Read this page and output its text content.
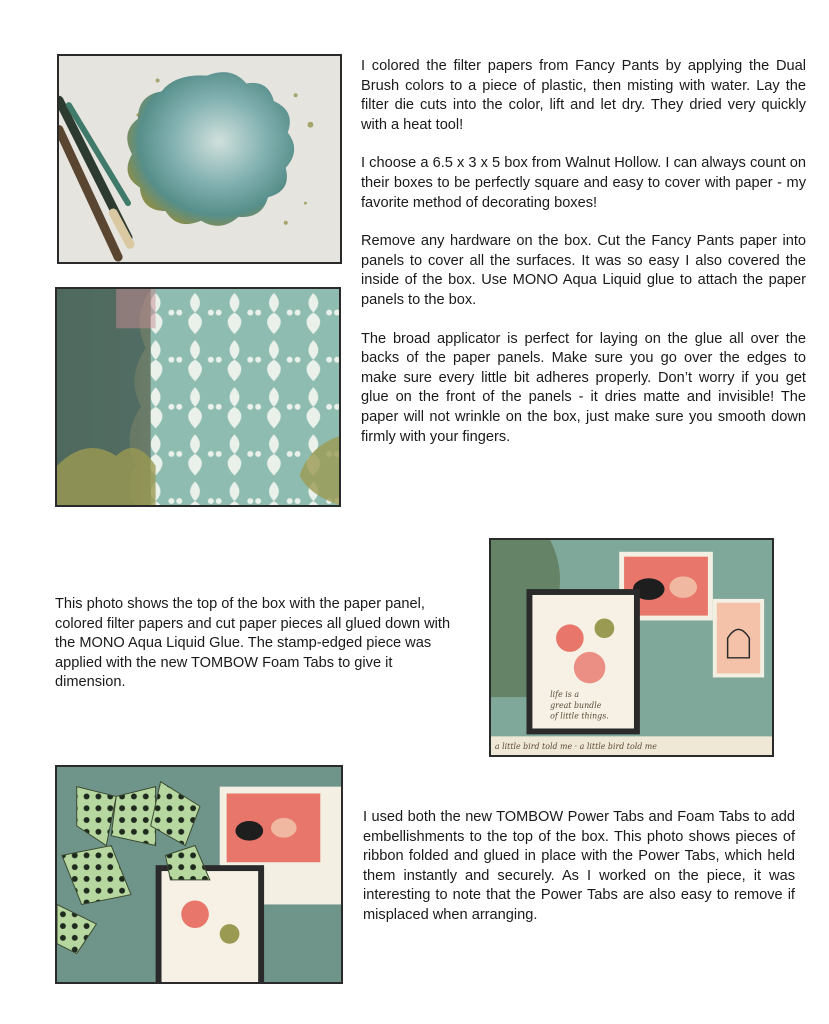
I colored the filter papers from Fancy Pants by applying the Dual Brush colors to a piece of plastic, then misting with water. Lay the filter die cuts into the color, lift and let dry. They dried very quickly with a heat tool!

I choose a 6.5 x 3 x 5 box from Walnut Hollow. I can always count on their boxes to be perfectly square and easy to cover with paper - my favorite method of decorating boxes!

Remove any hardware on the box. Cut the Fancy Pants paper into panels to cover all the surfaces. It was so easy I also covered the inside of the box. Use MONO Aqua Liquid glue to attach the paper panels to the box.

The broad applicator is perfect for laying on the glue all over the backs of the paper panels. Make sure you go over the edges to make sure every little bit adheres properly. Don’t worry if you get glue on the front of the panels - it dries matte and invisible! The paper will not wrinkle on the box, just make sure you smooth down firmly with your fingers.

This photo shows the top of the box with the paper panel, colored filter papers and cut paper pieces all glued down with the MONO Aqua Liquid Glue. The stamp-edged piece was applied with the new TOMBOW Foam Tabs to give it dimension.
a little bird told me · a little bird told me
life is a
great bundle
of little things.
I used both the new TOMBOW Power Tabs and Foam Tabs to add embellishments to the top of the box. This photo shows pieces of ribbon folded and glued in place with the Power Tabs, which held them instantly and securely. As I worked on the piece, it was interesting to note that the Power Tabs are also easy to remove if misplaced when arranging.
